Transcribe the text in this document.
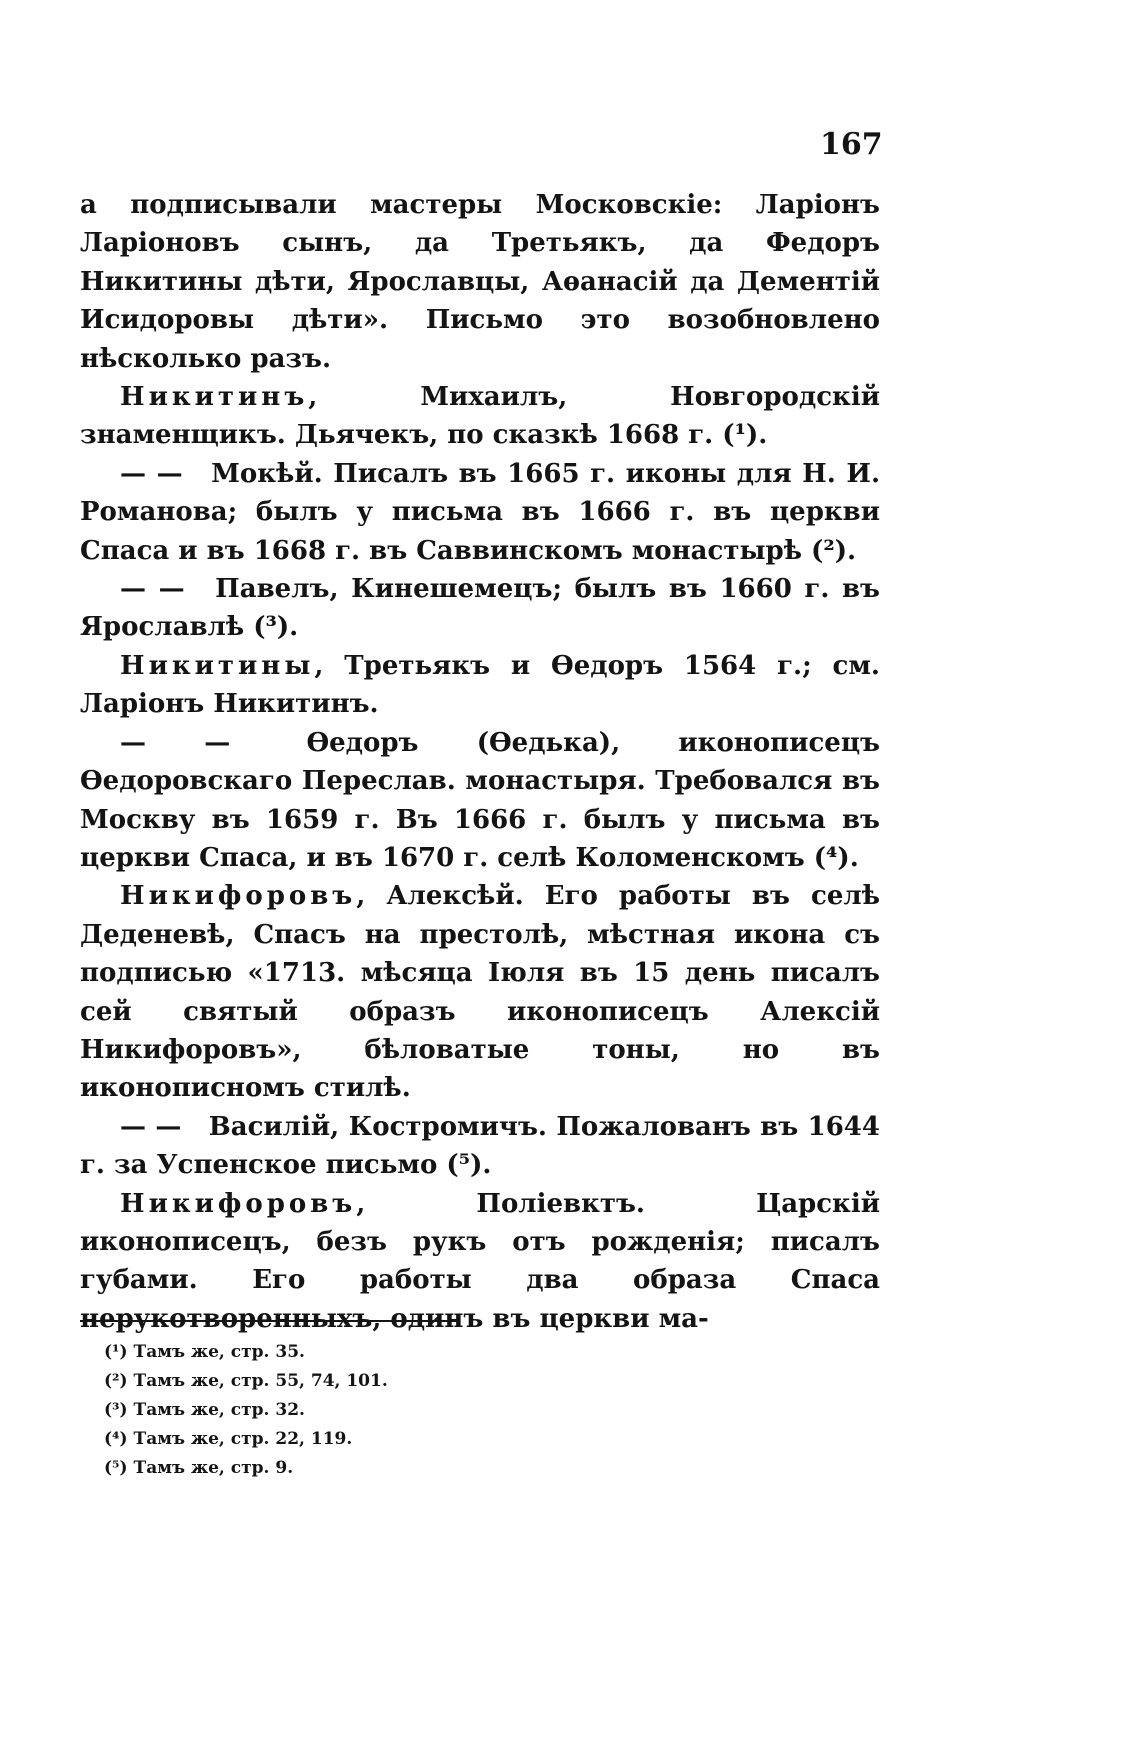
167

а подписывали мастеры Московскіе: Ларіонъ Ларіоновъ сынъ, да Третьякъ, да Федоръ Никитины дѣти, Ярославцы, Аѳанасій да Дементій Исидоровы дѣти». Письмо это возобновлено нѣсколько разъ.

Никитинъ, Михаилъ, Новгородскій знаменщикъ. Дьячекъ, по сказкѣ 1668 г. (¹).

— — Мокѣй. Писалъ въ 1665 г. иконы для Н. И. Романова; былъ у письма въ 1666 г. въ церкви Спаса и въ 1668 г. въ Саввинскомъ монастырѣ (²).

— — Павелъ, Кинешемецъ; былъ въ 1660 г. въ Ярославлѣ (³).

Никитины, Третьякъ и Ѳедоръ 1564 г.; см. Ларіонъ Никитинъ.

— — Ѳедоръ (Ѳедька), иконописецъ Ѳедоровскаго Переслав. монастыря. Требовался въ Москву въ 1659 г. Въ 1666 г. былъ у письма въ церкви Спаса, и въ 1670 г. селѣ Коломенскомъ (⁴).

Никифоровъ, Алексѣй. Его работы въ селѣ Деденевѣ, Спасъ на престолѣ, мѣстная икона съ подписью «1713. мѣсяца Іюля въ 15 день писалъ сей святый образъ иконописецъ Алексій Никифоровъ», бѣловатые тоны, но въ иконописномъ стилѣ.

— — Василій, Костромичъ. Пожалованъ въ 1644 г. за Успенское письмо (⁵).

Никифоровъ, Поліевктъ. Царскій иконописецъ, безъ рукъ отъ рожденія; писалъ губами. Его работы два образа Спаса нерукотворенныхъ, одинъ въ церкви ма-

(¹) Тамъ же, стр. 35.
(²) Тамъ же, стр. 55, 74, 101.
(³) Тамъ же, стр. 32.
(⁴) Тамъ же, стр. 22, 119.
(⁵) Тамъ же, стр. 9.
